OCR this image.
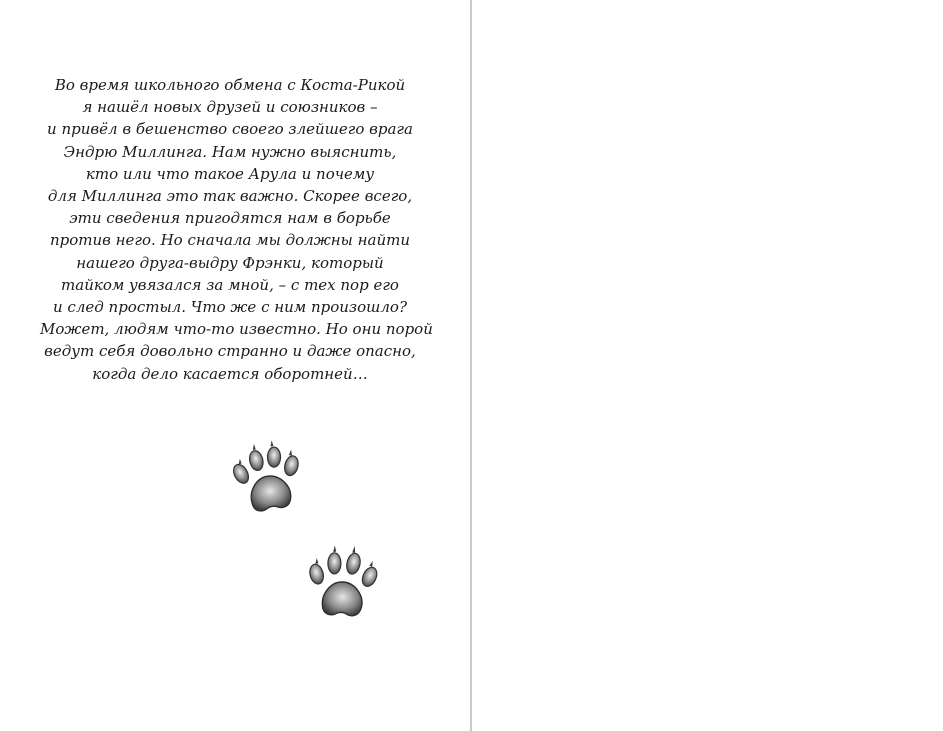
Во время школьного обмена с Коста-Рикой
я нашёл новых друзей и союзников –
и привёл в бешенство своего злейшего врага
Эндрю Миллинга. Нам нужно выяснить,
кто или что такое Арула и почему
для Миллинга это так важно. Скорее всего,
эти сведения пригодятся нам в борьбе
против него. Но сначала мы должны найти
нашего друга-выдру Фрэнки, который
тайком увязался за мной, – с тех пор его
и след простыл. Что же с ним произошло?
Может, людям что-то известно. Но они порой
ведут себя довольно странно и даже опасно,
когда дело касается оборотней…
